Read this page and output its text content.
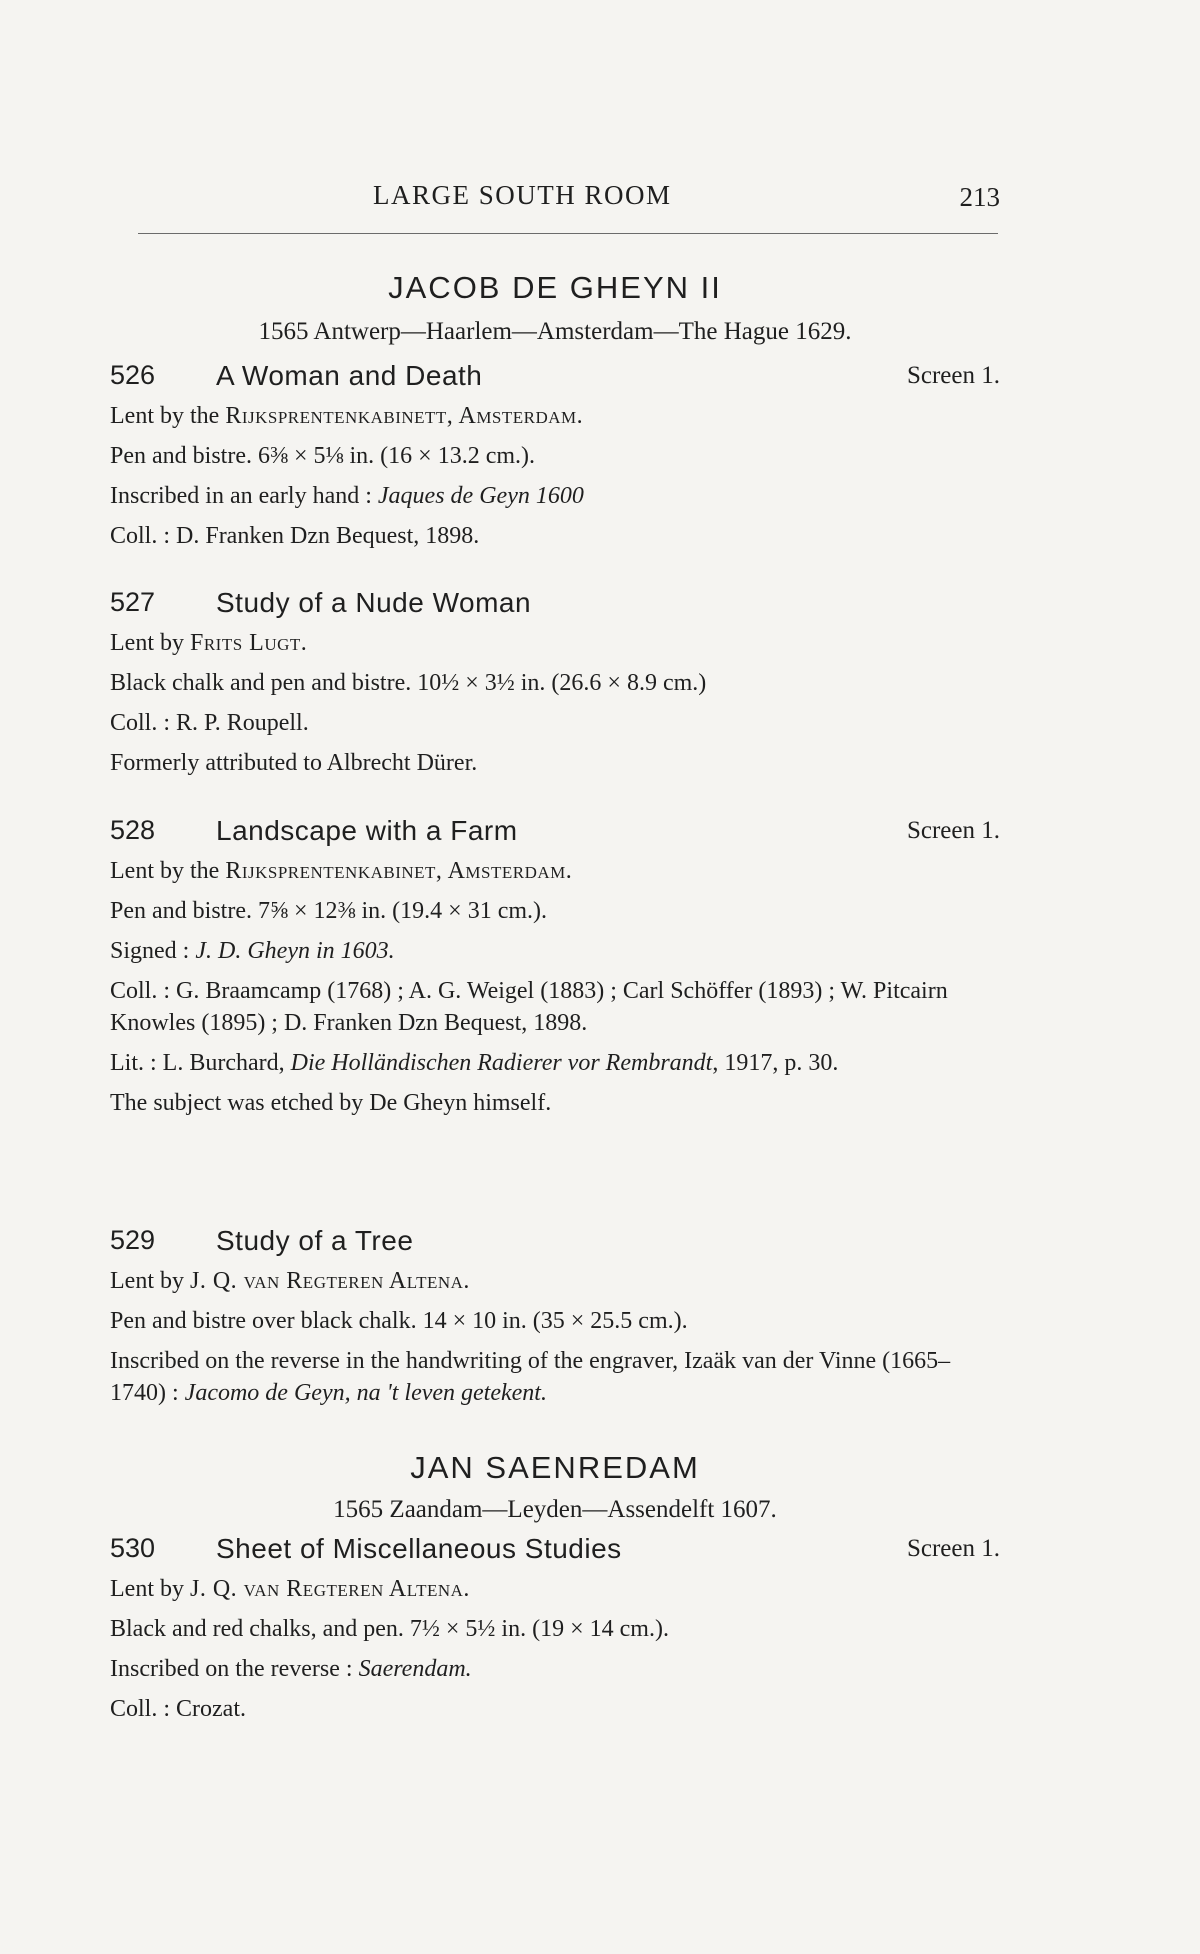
LARGE SOUTH ROOM	213
JACOB DE GHEYN II
1565 Antwerp—Haarlem—Amsterdam—The Hague 1629.
526 A Woman and Death	Screen 1.
Lent by the Rijksprentenkabinett, Amsterdam.
Pen and bistre. 6⅜ × 5⅛ in. (16 × 13.2 cm.).
Inscribed in an early hand : Jaques de Geyn 1600
Coll. : D. Franken Dzn Bequest, 1898.
527 Study of a Nude Woman
Lent by Frits Lugt.
Black chalk and pen and bistre. 10½ × 3½ in. (26.6 × 8.9 cm.)
Coll. : R. P. Roupell.
Formerly attributed to Albrecht Dürer.
528 Landscape with a Farm	Screen 1.
Lent by the Rijksprentenkabinet, Amsterdam.
Pen and bistre. 7⅝ × 12⅜ in. (19.4 × 31 cm.).
Signed : J. D. Gheyn in 1603.
Coll. : G. Braamcamp (1768) ; A. G. Weigel (1883) ; Carl Schöffer (1893) ; W. Pitcairn Knowles (1895) ; D. Franken Dzn Bequest, 1898.
Lit. : L. Burchard, Die Holländischen Radierer vor Rembrandt, 1917, p. 30.
The subject was etched by De Gheyn himself.
529 Study of a Tree
Lent by J. Q. van Regteren Altena.
Pen and bistre over black chalk. 14 × 10 in. (35 × 25.5 cm.).
Inscribed on the reverse in the handwriting of the engraver, Izaäk van der Vinne (1665–1740) : Jacomo de Geyn, na 't leven getekent.
JAN SAENREDAM
1565 Zaandam—Leyden—Assendelft 1607.
530 Sheet of Miscellaneous Studies	Screen 1.
Lent by J. Q. van Regteren Altena.
Black and red chalks, and pen. 7½ × 5½ in. (19 × 14 cm.).
Inscribed on the reverse : Saerendam.
Coll. : Crozat.
